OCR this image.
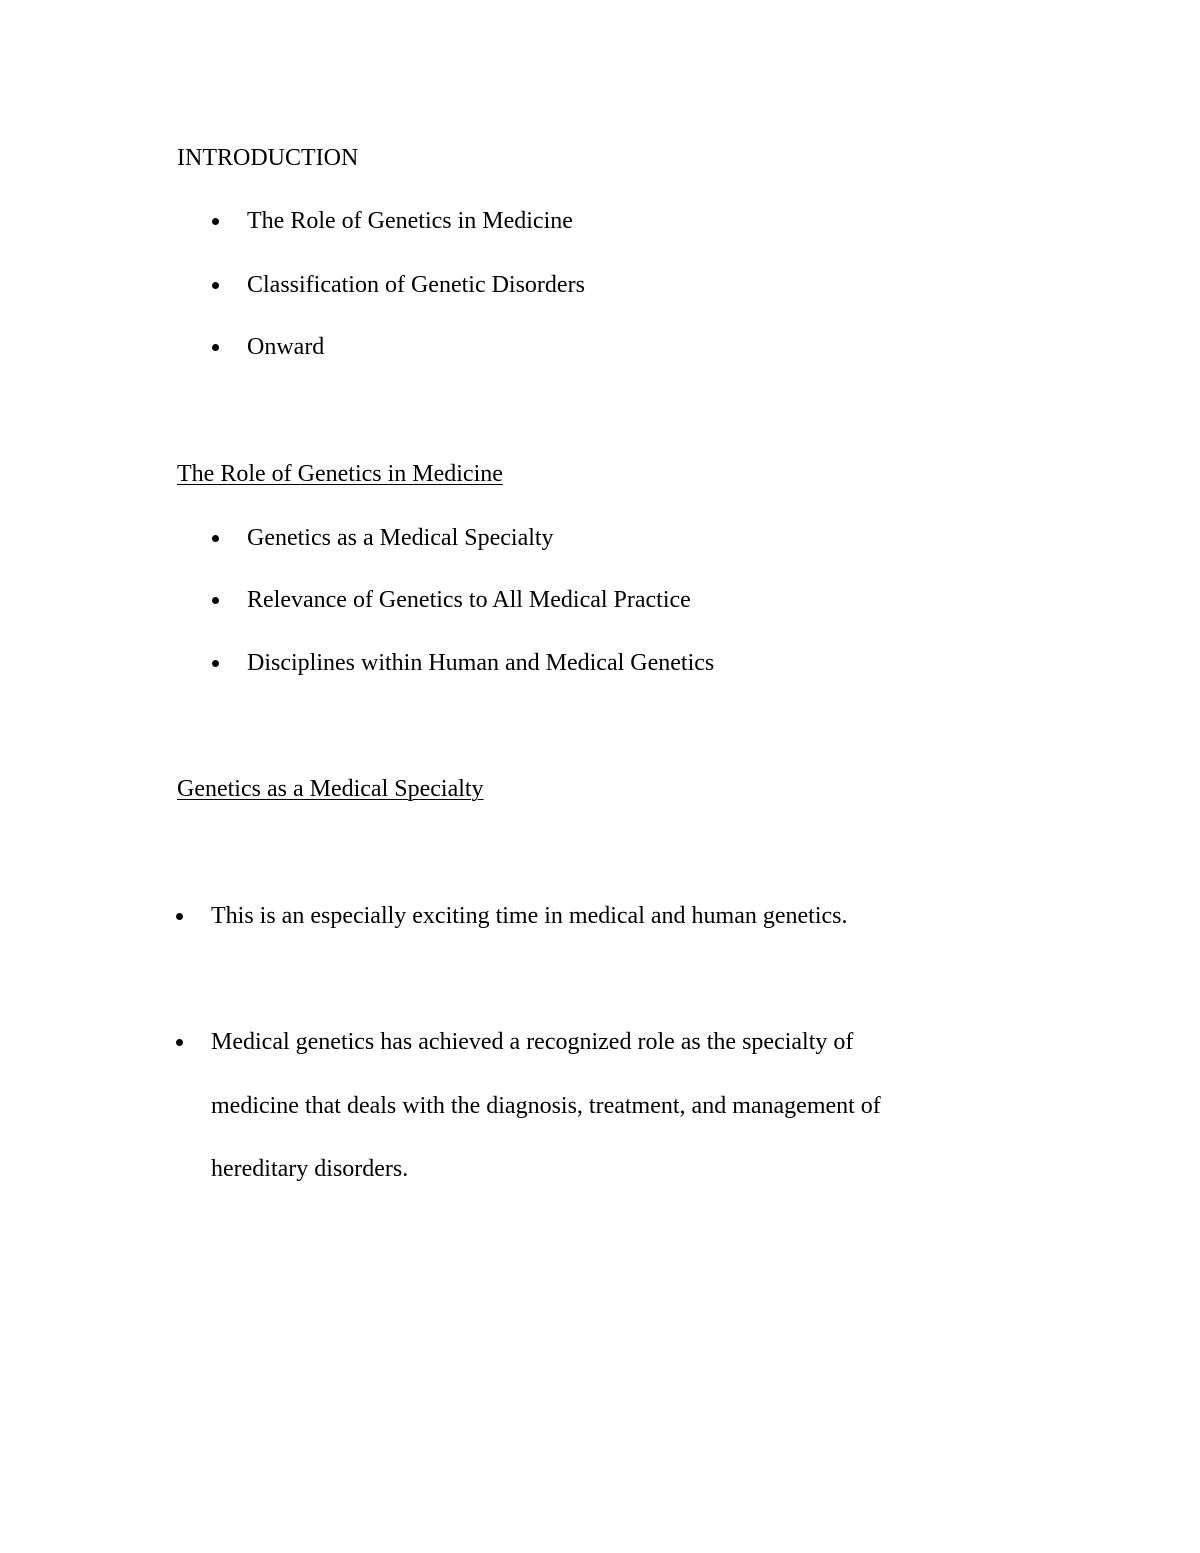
INTRODUCTION

The Role of Genetics in Medicine

Classification of Genetic Disorders

Onward

The Role of Genetics in Medicine

Genetics as a Medical Specialty

Relevance of Genetics to All Medical Practice

Disciplines within Human and Medical Genetics

Genetics as a Medical Specialty

This is an especially exciting time in medical and human genetics.

Medical genetics has achieved a recognized role as the specialty of

medicine that deals with the diagnosis, treatment, and management of

hereditary disorders.
